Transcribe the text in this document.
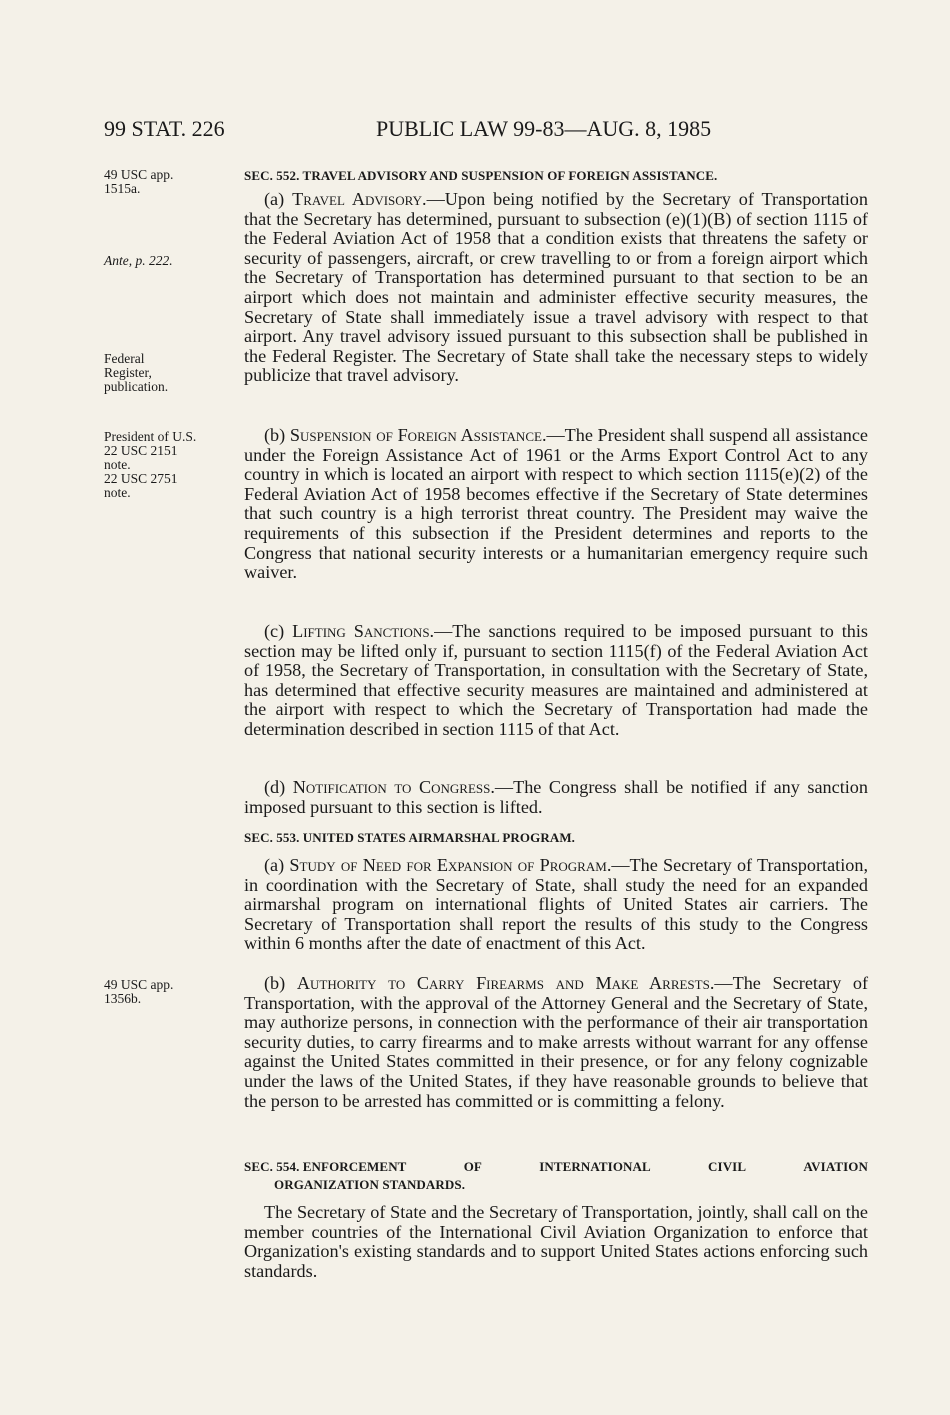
99 STAT. 226	PUBLIC LAW 99-83—AUG. 8, 1985
49 USC app.
1515a.
Ante, p. 222.
Federal
Register,
publication.
President of U.S.
22 USC 2151
note.
22 USC 2751
note.
49 USC app.
1356b.
SEC. 552. TRAVEL ADVISORY AND SUSPENSION OF FOREIGN ASSISTANCE.
(a) Travel Advisory.—Upon being notified by the Secretary of Transportation that the Secretary has determined, pursuant to subsection (e)(1)(B) of section 1115 of the Federal Aviation Act of 1958 that a condition exists that threatens the safety or security of passengers, aircraft, or crew travelling to or from a foreign airport which the Secretary of Transportation has determined pursuant to that section to be an airport which does not maintain and administer effective security measures, the Secretary of State shall immediately issue a travel advisory with respect to that airport. Any travel advisory issued pursuant to this subsection shall be published in the Federal Register. The Secretary of State shall take the necessary steps to widely publicize that travel advisory.
(b) Suspension of Foreign Assistance.—The President shall suspend all assistance under the Foreign Assistance Act of 1961 or the Arms Export Control Act to any country in which is located an airport with respect to which section 1115(e)(2) of the Federal Aviation Act of 1958 becomes effective if the Secretary of State determines that such country is a high terrorist threat country. The President may waive the requirements of this subsection if the President determines and reports to the Congress that national security interests or a humanitarian emergency require such waiver.
(c) Lifting Sanctions.—The sanctions required to be imposed pursuant to this section may be lifted only if, pursuant to section 1115(f) of the Federal Aviation Act of 1958, the Secretary of Transportation, in consultation with the Secretary of State, has determined that effective security measures are maintained and administered at the airport with respect to which the Secretary of Transportation had made the determination described in section 1115 of that Act.
(d) Notification to Congress.—The Congress shall be notified if any sanction imposed pursuant to this section is lifted.
SEC. 553. UNITED STATES AIRMARSHAL PROGRAM.
(a) Study of Need for Expansion of Program.—The Secretary of Transportation, in coordination with the Secretary of State, shall study the need for an expanded airmarshal program on international flights of United States air carriers. The Secretary of Transportation shall report the results of this study to the Congress within 6 months after the date of enactment of this Act.
(b) Authority to Carry Firearms and Make Arrests.—The Secretary of Transportation, with the approval of the Attorney General and the Secretary of State, may authorize persons, in connection with the performance of their air transportation security duties, to carry firearms and to make arrests without warrant for any offense against the United States committed in their presence, or for any felony cognizable under the laws of the United States, if they have reasonable grounds to believe that the person to be arrested has committed or is committing a felony.
SEC. 554. ENFORCEMENT	OF	INTERNATIONAL	CIVIL	AVIATION
ORGANIZATION STANDARDS.
The Secretary of State and the Secretary of Transportation, jointly, shall call on the member countries of the International Civil Aviation Organization to enforce that Organization's existing standards and to support United States actions enforcing such standards.
